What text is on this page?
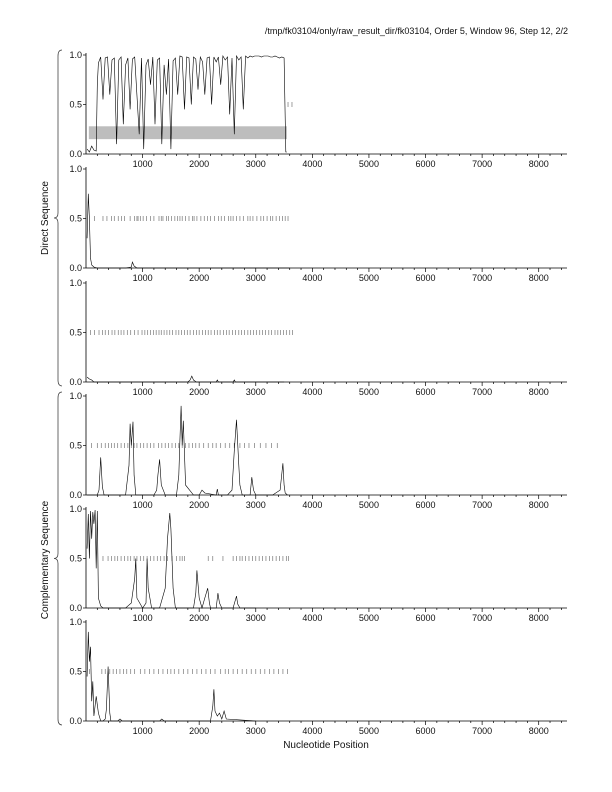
/tmp/fk03104/only/raw_result_dir/fk03104, Order 5, Window 96, Step 12, 2/2
0.0
0.5
1.0
1000	2000	3000	4000	5000	6000	7000	8000
0.0
0.5
1.0
1000	2000	3000	4000	5000	6000	7000	8000
0.0
0.5
1.0
1000	2000	3000	4000	5000	6000	7000	8000
0.0
0.5
1.0
1000	2000	3000	4000	5000	6000	7000	8000
0.0
0.5
1.0
1000	2000	3000	4000	5000	6000	7000	8000
0.0
0.5
1.0
1000	2000	3000	4000	5000	6000	7000	8000
Direct Sequence
Complementary Sequence
Nucleotide Position
